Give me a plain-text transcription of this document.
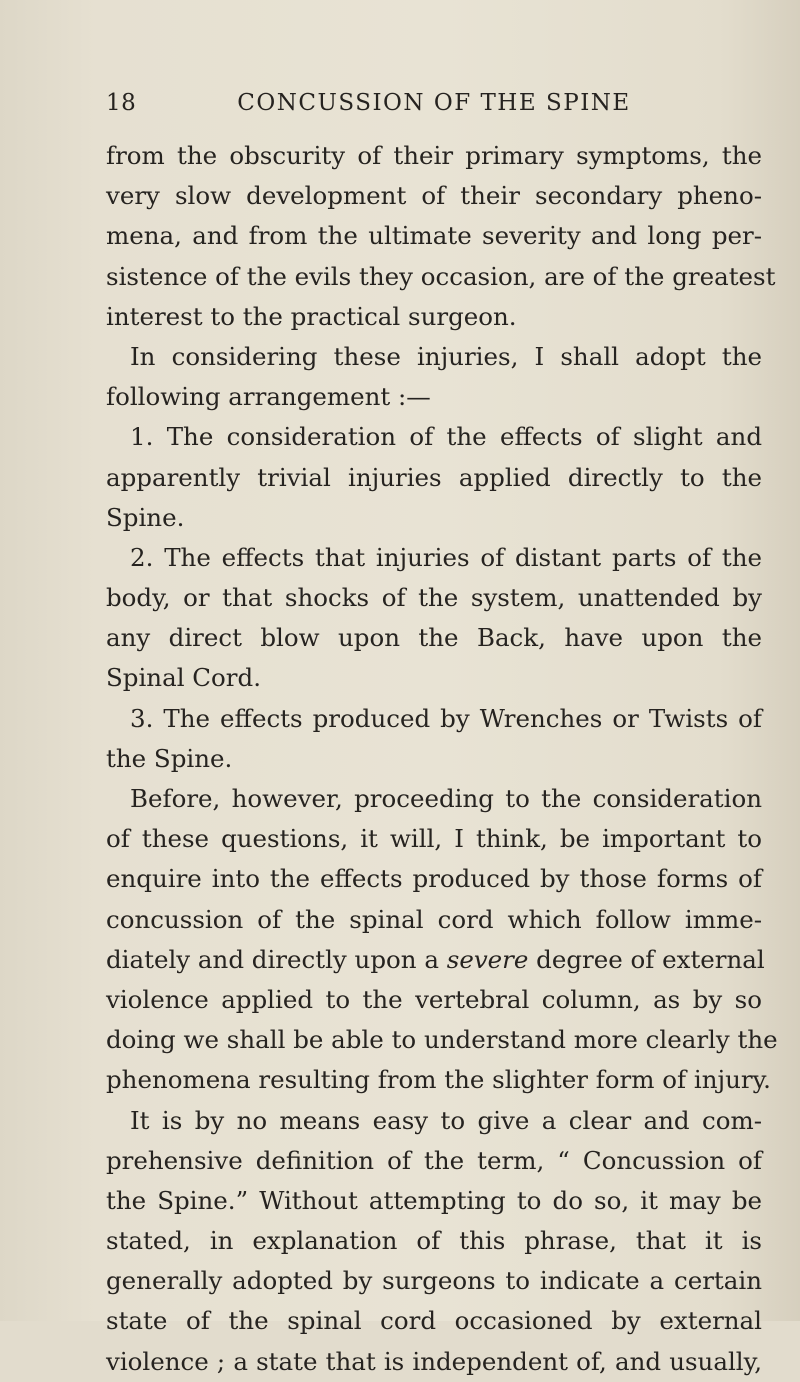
18	CONCUSSION OF THE SPINE
from the obscurity of their primary symptoms, the
very slow development of their secondary pheno-
mena, and from the ultimate severity and long per-
sistence of the evils they occasion, are of the greatest
interest to the practical surgeon.
In considering these injuries, I shall adopt the
following arrangement :—
1. The consideration of the effects of slight and
apparently trivial injuries applied directly to the
Spine.
2. The effects that injuries of distant parts of the
body, or that shocks of the system, unattended by
any direct blow upon the Back, have upon the
Spinal Cord.
3. The effects produced by Wrenches or Twists of
the Spine.
Before, however, proceeding to the consideration
of these questions, it will, I think, be important to
enquire into the effects produced by those forms of
concussion of the spinal cord which follow imme-
diately and directly upon a severe degree of external
violence applied to the vertebral column, as by so
doing we shall be able to understand more clearly the
phenomena resulting from the slighter form of injury.
It is by no means easy to give a clear and com-
prehensive definition of the term, “ Concussion of
the Spine.” Without attempting to do so, it may be
stated, in explanation of this phrase, that it is
generally adopted by surgeons to indicate a certain
state of the spinal cord occasioned by external
violence ; a state that is independent of, and usually,
